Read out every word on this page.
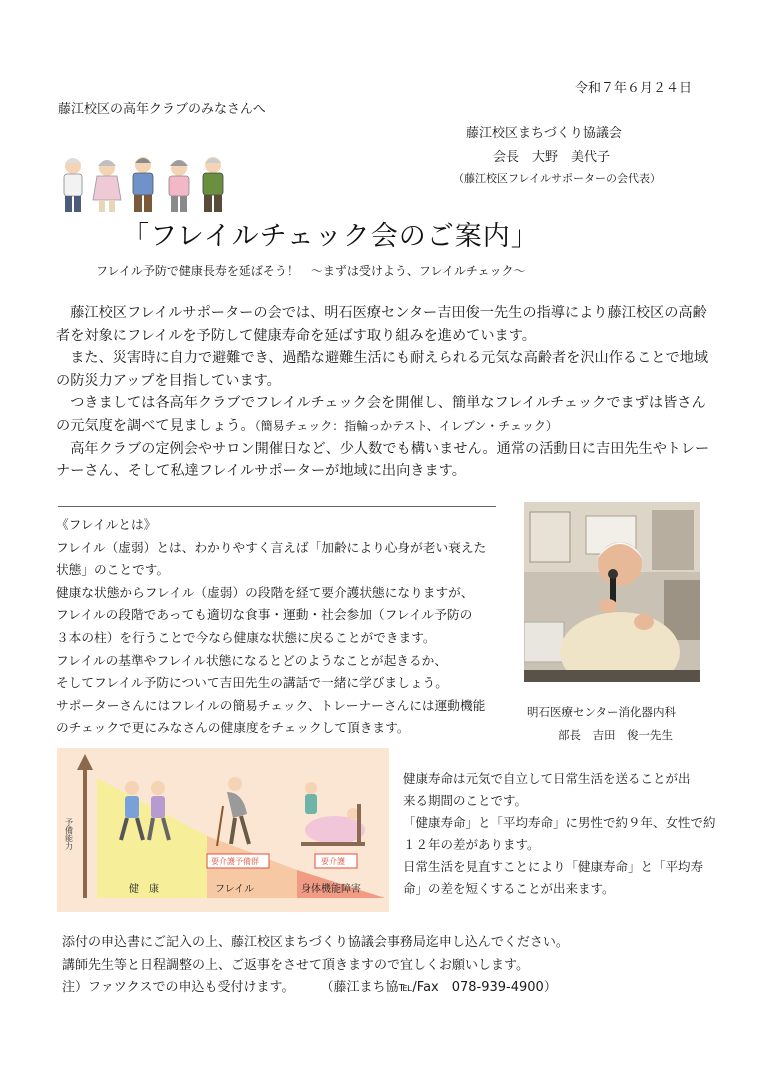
令和７年６月２４日
藤江校区の高年クラブのみなさんへ
藤江校区まちづくり協議会
会長　大野　美代子
（藤江校区フレイルサポーターの会代表）
「フレイルチェック会のご案内」
フレイル予防で健康長寿を延ばそう！　～まずは受けよう、フレイルチェック～

　藤江校区フレイルサポーターの会では、明石医療センター吉田俊一先生の指導により藤江校区の高齢者を対象にフレイルを予防して健康寿命を延ばす取り組みを進めています。

　また、災害時に自力で避難でき、過酷な避難生活にも耐えられる元気な高齢者を沢山作ることで地域の防災力アップを目指しています。

　つきましては各高年クラブでフレイルチェック会を開催し、簡単なフレイルチェックでまずは皆さんの元気度を調べて見ましょう。（簡易チェック：指輪っかテスト、イレブン・チェック）

　高年クラブの定例会やサロン開催日など、少人数でも構いません。通常の活動日に吉田先生やトレーナーさん、そして私達フレイルサポーターが地域に出向きます。

《フレイルとは》

フレイル（虚弱）とは、わかりやすく言えば「加齢により心身が老い衰えた

状態」のことです。

健康な状態からフレイル（虚弱）の段階を経て要介護状態になりますが、

フレイルの段階であっても適切な食事・運動・社会参加（フレイル予防の

３本の柱）を行うことで今なら健康な状態に戻ることができます。

フレイルの基準やフレイル状態になるとどのようなことが起きるか、

そしてフレイル予防について吉田先生の講話で一緒に学びましょう。

サポーターさんにはフレイルの簡易チェック、トレーナーさんには運動機能

のチェックで更にみなさんの健康度をチェックして頂きます。

明石医療センター消化器内科
部長　吉田　俊一先生
予備能力
健　康
要介護予備群
フレイル
要介護
身体機能障害

健康寿命は元気で自立して日常生活を送ることが出

来る期間のことです。

「健康寿命」と「平均寿命」に男性で約９年、女性で約

１２年の差があります。

日常生活を見直すことにより「健康寿命」と「平均寿

命」の差を短くすることが出来ます。

添付の申込書にご記入の上、藤江校区まちづくり協議会事務局迄申し込んでください。

講師先生等と日程調整の上、ご返事をさせて頂きますので宜しくお願いします。

注）ファツクスでの申込も受付けます。　　　（藤江まち協℡/Fax　078-939-4900）
